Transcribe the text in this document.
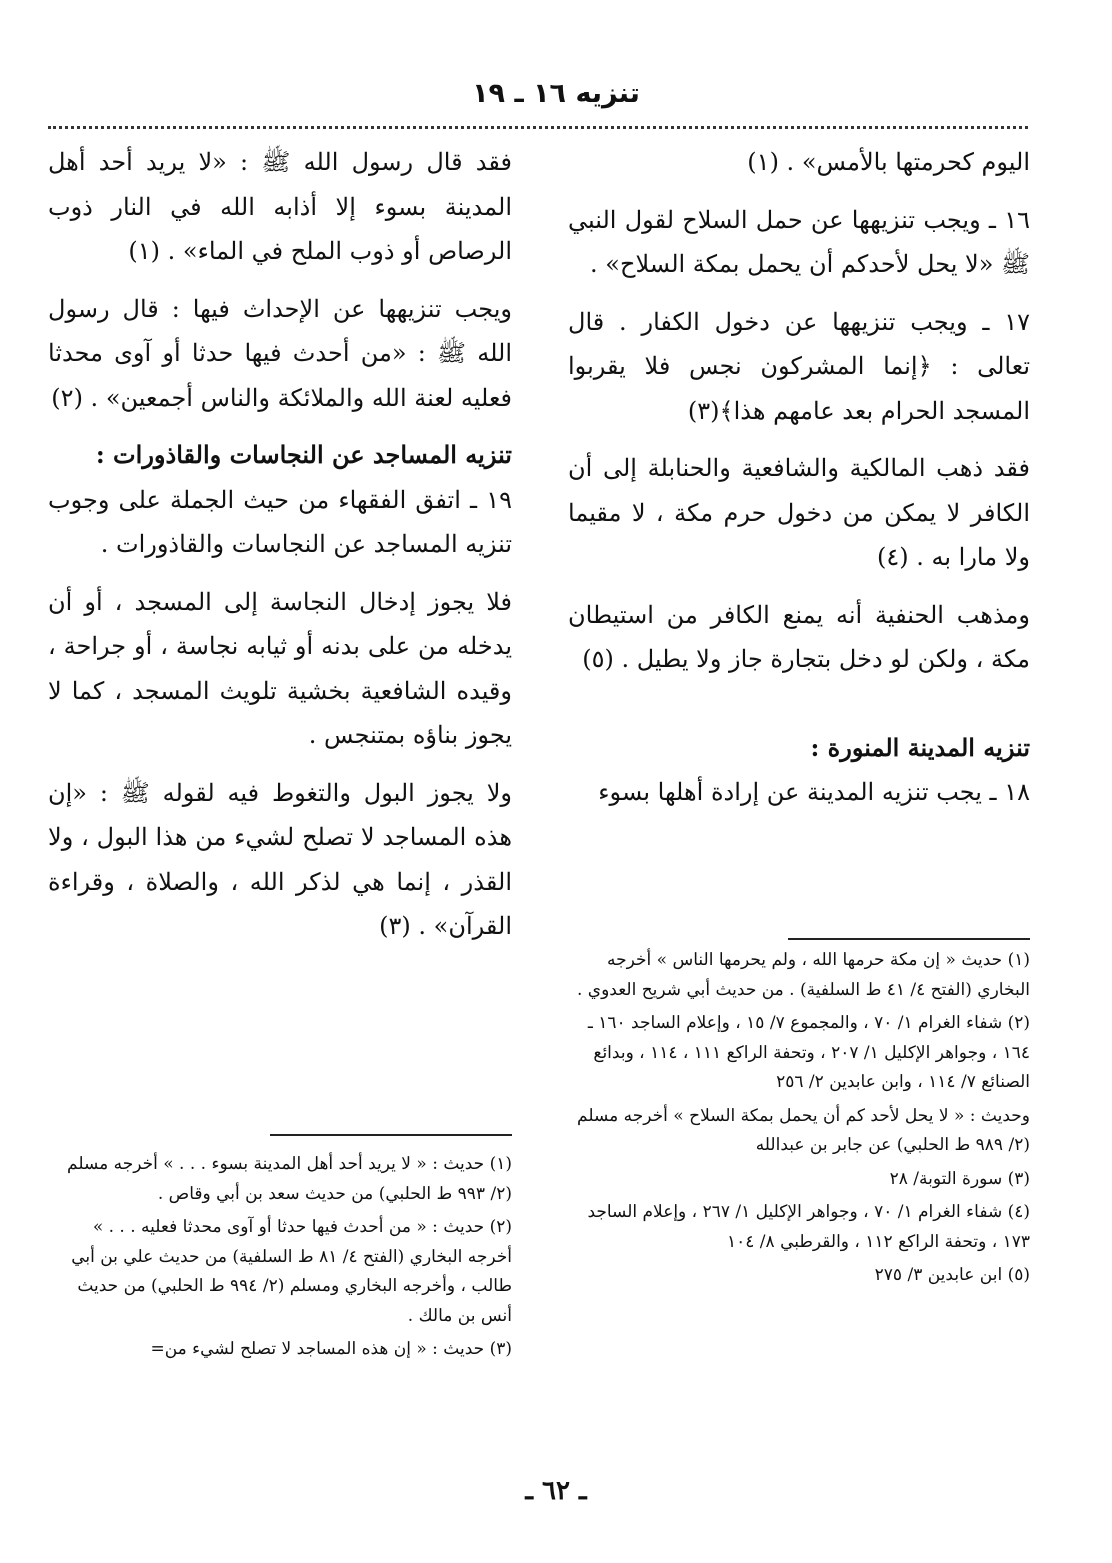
تنزيه ١٦ ـ ١٩

اليوم كحرمتها بالأمس» . (١)

١٦ ـ ويجب تنزيهها عن حمل السلاح لقول النبي ﷺ «لا يحل لأحدكم أن يحمل بمكة السلاح» .

١٧ ـ ويجب تنزيهها عن دخول الكفار . قال تعالى : ﴿إنما المشركون نجس فلا يقربوا المسجد الحرام بعد عامهم هذا﴾(٣)

فقد ذهب المالكية والشافعية والحنابلة إلى أن الكافر لا يمكن من دخول حرم مكة ، لا مقيما ولا مارا به . (٤)

ومذهب الحنفية أنه يمنع الكافر من استيطان مكة ، ولكن لو دخل بتجارة جاز ولا يطيل . (٥)

تنزيه المدينة المنورة :

١٨ ـ يجب تنزيه المدينة عن إرادة أهلها بسوء

فقد قال رسول الله ﷺ : «لا يريد أحد أهل المدينة بسوء إلا أذابه الله في النار ذوب الرصاص أو ذوب الملح في الماء» . (١)

ويجب تنزيهها عن الإحداث فيها : قال رسول الله ﷺ : «من أحدث فيها حدثا أو آوى محدثا فعليه لعنة الله والملائكة والناس أجمعين» . (٢)

تنزيه المساجد عن النجاسات والقاذورات :

١٩ ـ اتفق الفقهاء من حيث الجملة على وجوب تنزيه المساجد عن النجاسات والقاذورات .

فلا يجوز إدخال النجاسة إلى المسجد ، أو أن يدخله من على بدنه أو ثيابه نجاسة ، أو جراحة ، وقيده الشافعية بخشية تلويث المسجد ، كما لا يجوز بناؤه بمتنجس .

ولا يجوز البول والتغوط فيه لقوله ﷺ : «إن هذه المساجد لا تصلح لشيء من هذا البول ، ولا القذر ، إنما هي لذكر الله ، والصلاة ، وقراءة القرآن» . (٣)

(١) حديث « إن مكة حرمها الله ، ولم يحرمها الناس » أخرجه البخاري (الفتح ٤/ ٤١ ط السلفية) . من حديث أبي شريح العدوي .

(٢) شفاء الغرام ١/ ٧٠ ، والمجموع ٧/ ١٥ ، وإعلام الساجد ١٦٠ ـ ١٦٤ ، وجواهر الإكليل ١/ ٢٠٧ ، وتحفة الراكع ١١١ ، ١١٤ ، وبدائع الصنائع ٧/ ١١٤ ، وابن عابدين ٢/ ٢٥٦

وحديث : « لا يحل لأحد كم أن يحمل بمكة السلاح » أخرجه مسلم (٢/ ٩٨٩ ط الحلبي) عن جابر بن عبدالله

(٣) سورة التوبة/ ٢٨

(٤) شفاء الغرام ١/ ٧٠ ، وجواهر الإكليل ١/ ٢٦٧ ، وإعلام الساجد ١٧٣ ، وتحفة الراكع ١١٢ ، والقرطبي ٨/ ١٠٤

(٥) ابن عابدين ٣/ ٢٧٥

(١) حديث : « لا يريد أحد أهل المدينة بسوء . . . » أخرجه مسلم (٢/ ٩٩٣ ط الحلبي) من حديث سعد بن أبي وقاص .

(٢) حديث : « من أحدث فيها حدثا أو آوى محدثا فعليه . . . » أخرجه البخاري (الفتح ٤/ ٨١ ط السلفية) من حديث علي بن أبي طالب ، وأخرجه البخاري ومسلم (٢/ ٩٩٤ ط الحلبي) من حديث أنس بن مالك .

(٣) حديث : « إن هذه المساجد لا تصلح لشيء من=

ـ ٦٢ ـ
